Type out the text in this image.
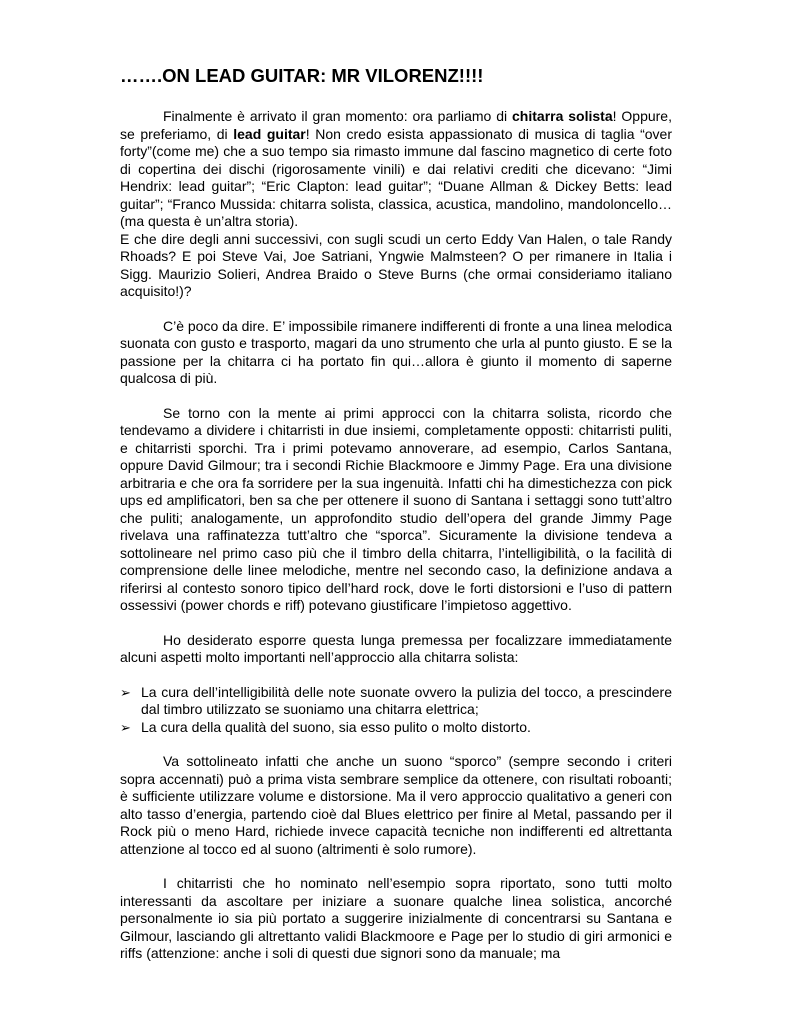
…….ON LEAD GUITAR: MR VILORENZ!!!!
Finalmente è arrivato il gran momento: ora parliamo di chitarra solista! Oppure, se preferiamo, di lead guitar! Non credo esista appassionato di musica di taglia “over forty”(come me) che a suo tempo sia rimasto immune dal fascino magnetico di certe foto di copertina dei dischi (rigorosamente vinili) e dai relativi crediti che dicevano: “Jimi Hendrix: lead guitar”; “Eric Clapton: lead guitar”; “Duane Allman & Dickey Betts: lead guitar”; “Franco Mussida: chitarra solista, classica, acustica, mandolino, mandoloncello…(ma questa è un’altra storia).
E che dire degli anni successivi, con sugli scudi un certo Eddy Van Halen, o tale Randy Rhoads? E poi Steve Vai, Joe Satriani, Yngwie Malmsteen? O per rimanere in Italia i Sigg. Maurizio Solieri, Andrea Braido o Steve Burns (che ormai consideriamo italiano acquisito!)?
C’è poco da dire. E’ impossibile rimanere indifferenti di fronte a una linea melodica suonata con gusto e trasporto, magari da uno strumento che urla al punto giusto. E se la passione per la chitarra ci ha portato fin qui…allora è giunto il momento di saperne qualcosa di più.
Se torno con la mente ai primi approcci con la chitarra solista, ricordo che tendevamo a dividere i chitarristi in due insiemi, completamente opposti: chitarristi puliti, e chitarristi sporchi. Tra i primi potevamo annoverare, ad esempio, Carlos Santana, oppure David Gilmour; tra i secondi Richie Blackmoore e Jimmy Page. Era una divisione arbitraria e che ora fa sorridere per la sua ingenuità. Infatti chi ha dimestichezza con pick ups ed amplificatori, ben sa che per ottenere il suono di Santana i settaggi sono tutt’altro che puliti; analogamente, un approfondito studio dell’opera del grande Jimmy Page rivelava una raffinatezza tutt’altro che “sporca”. Sicuramente la divisione tendeva a sottolineare nel primo caso più che il timbro della chitarra, l’intelligibilità, o la facilità di comprensione delle linee melodiche, mentre nel secondo caso, la definizione andava a riferirsi al contesto sonoro tipico dell’hard rock, dove le forti distorsioni e l’uso di pattern ossessivi (power chords e riff) potevano giustificare l’impietoso aggettivo.
Ho desiderato esporre questa lunga premessa per focalizzare immediatamente alcuni aspetti molto importanti nell’approccio alla chitarra solista:
➢ La cura dell’intelligibilità delle note suonate ovvero la pulizia del tocco, a prescindere dal timbro utilizzato se suoniamo una chitarra elettrica;
➢ La cura della qualità del suono, sia esso pulito o molto distorto.
Va sottolineato infatti che anche un suono “sporco” (sempre secondo i criteri sopra accennati) può a prima vista sembrare semplice da ottenere, con risultati roboanti; è sufficiente utilizzare volume e distorsione. Ma il vero approccio qualitativo a generi con alto tasso d’energia, partendo cioè dal Blues elettrico per finire al Metal, passando per il Rock più o meno Hard, richiede invece capacità tecniche non indifferenti ed altrettanta attenzione al tocco ed al suono (altrimenti è solo rumore).
I chitarristi che ho nominato nell’esempio sopra riportato, sono tutti molto interessanti da ascoltare per iniziare a suonare qualche linea solistica, ancorché personalmente io sia più portato a suggerire inizialmente di concentrarsi su Santana e Gilmour, lasciando gli altrettanto validi Blackmoore e Page per lo studio di giri armonici e riffs (attenzione: anche i soli di questi due signori sono da manuale; ma
